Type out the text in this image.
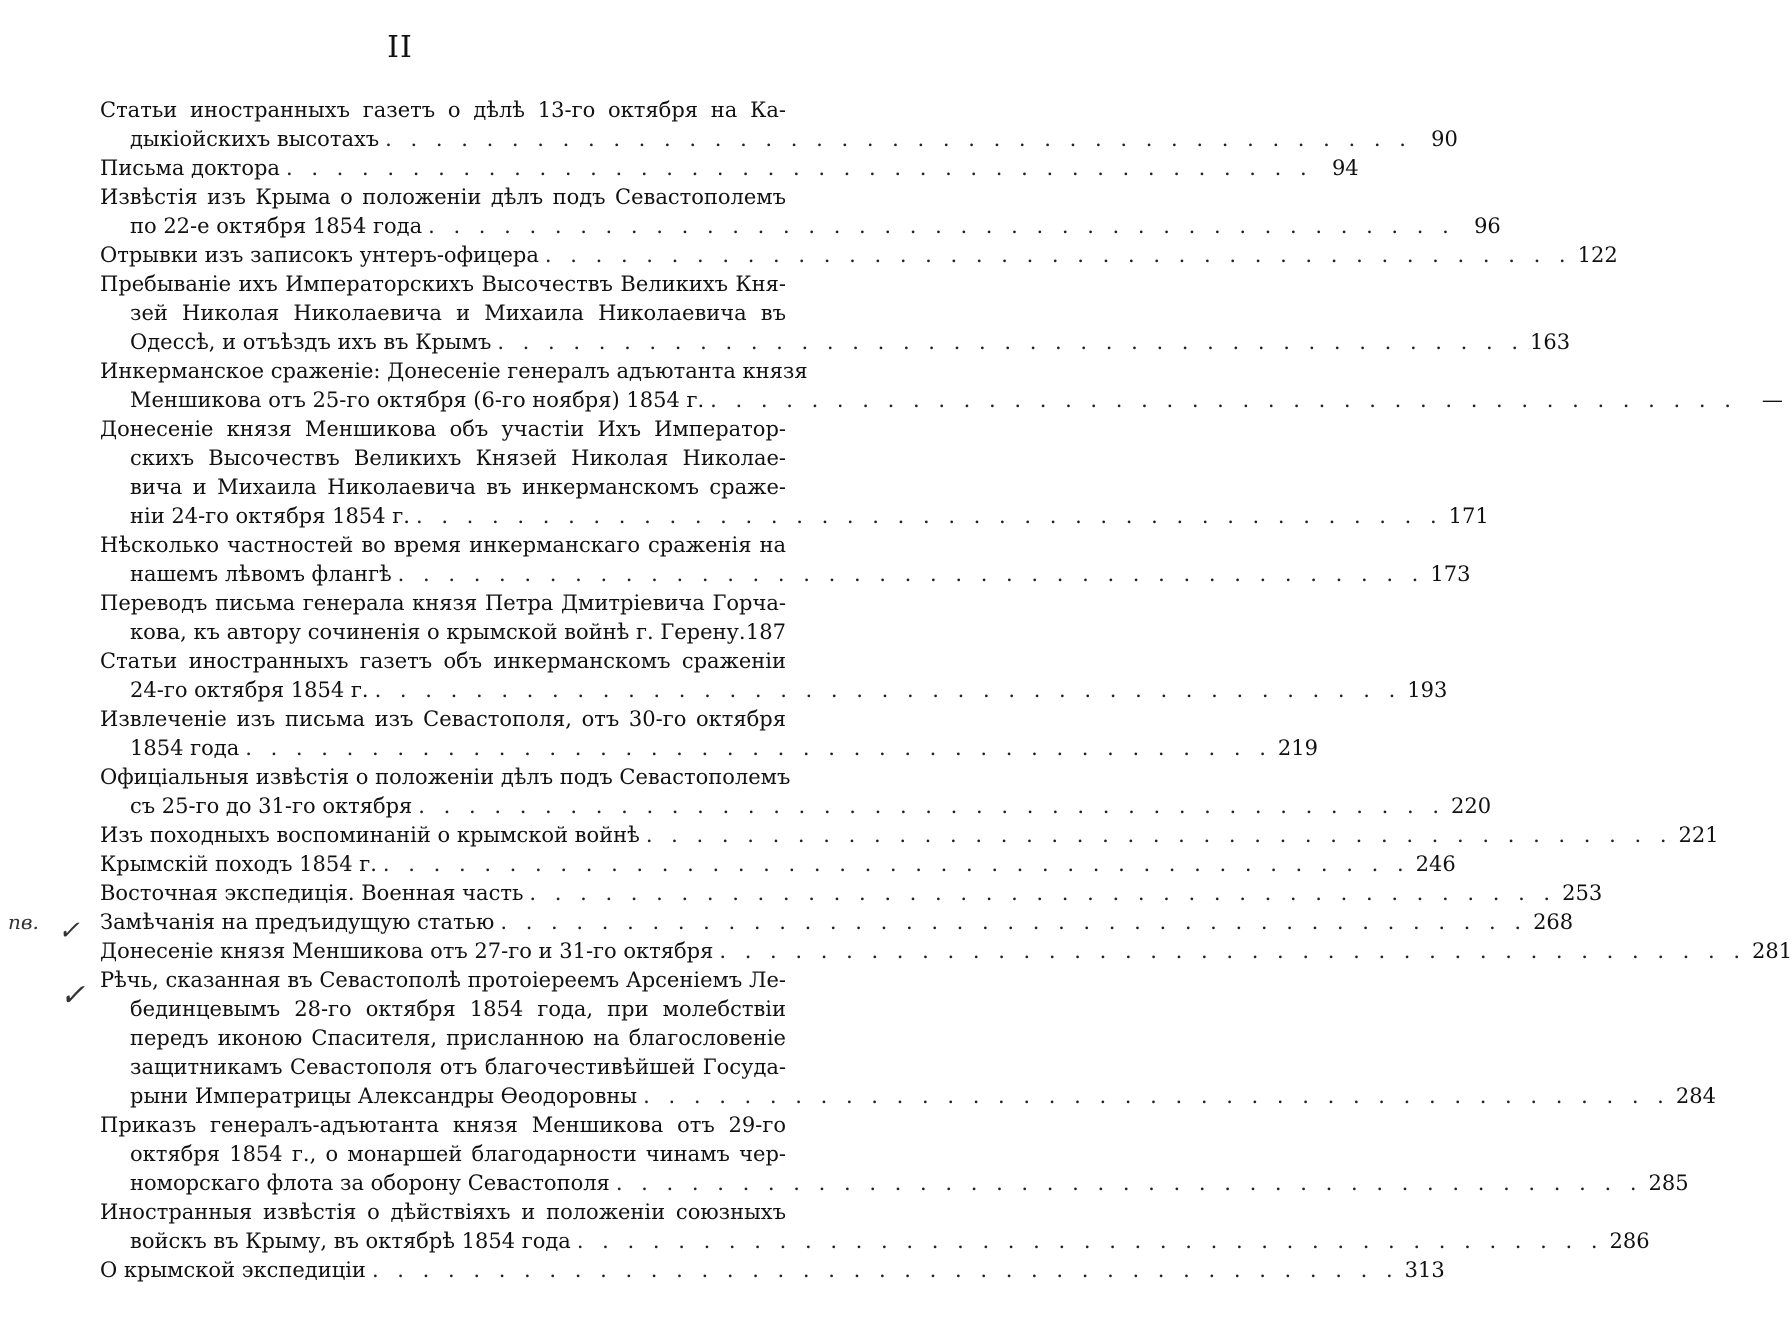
II
Статьи иностранныхъ газетъ о дѣлѣ 13-го октября на Ка-
дыкіойскихъ высотахъ . . .	90
Письма доктора . . .	94
Извѣстія изъ Крыма о положеніи дѣлъ подъ Севастополемъ
по 22-е октября 1854 года . . .	96
Отрывки изъ записокъ унтеръ-офицера . . .	122
Пребываніе ихъ Императорскихъ Высочествъ Великихъ Кня-
зей Николая Николаевича и Михаила Николаевича въ
Одессѣ, и отъѣздъ ихъ въ Крымъ . . .	163
Инкерманское сраженіе: Донесеніе генералъ адъютанта князя
Меншикова отъ 25-го октября (6-го ноября) 1854 г. . . .	—
Донесеніе князя Меншикова объ участіи Ихъ Император-
скихъ Высочествъ Великихъ Князей Николая Николае-
вича и Михаила Николаевича въ инкерманскомъ сраже-
ніи 24-го октября 1854 г. . . .	171
Нѣсколько частностей во время инкерманскаго сраженія на
нашемъ лѣвомъ флангѣ . . .	173
Переводъ письма генерала князя Петра Дмитріевича Горча-
кова, къ автору сочиненія о крымской войнѣ г. Герену. 187
Статьи иностранныхъ газетъ объ инкерманскомъ сраженіи
24-го октября 1854 г. . . .	193
Извлеченіе изъ письма изъ Севастополя, отъ 30-го октября
1854 года . . .	219
Офиціальныя извѣстія о положеніи дѣлъ подъ Севастополемъ
съ 25-го до 31-го октября . . .	220
Изъ походныхъ воспоминаній о крымской войнѣ . . .	221
Крымскій походъ 1854 г. . . .	246
Восточная экспедиція. Военная часть . . .	253
Замѣчанія на предъидущую статью . . .	268
Донесеніе князя Меншикова отъ 27-го и 31-го октября . . .	281
Рѣчь, сказанная въ Севастополѣ протоіереемъ Арсеніемъ Ле-
бединцевымъ 28-го октября 1854 года, при молебствіи
передъ иконою Спасителя, присланною на благословеніе
защитникамъ Севастополя отъ благочестивѣйшей Госуда-
рыни Императрицы Александры Ѳеодоровны . . .	284
Приказъ генералъ-адъютанта князя Меншикова отъ 29-го
октября 1854 г., о монаршей благодарности чинамъ чер-
номорскаго флота за оборону Севастополя . . .	285
Иностранныя извѣстія о дѣйствіяхъ и положеніи союзныхъ
войскъ въ Крыму, въ октябрѣ 1854 года . . .	286
О крымской экспедиціи . . .	313
пв. ✓
✓
